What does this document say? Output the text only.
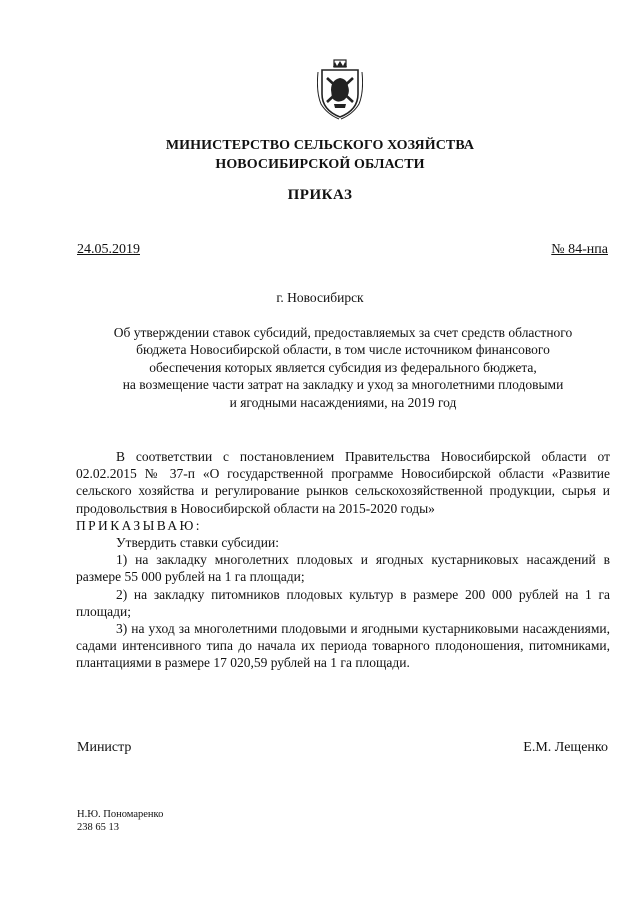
МИНИСТЕРСТВО СЕЛЬСКОГО ХОЗЯЙСТВА
НОВОСИБИРСКОЙ ОБЛАСТИ
ПРИКАЗ
24.05.2019	№ 84-нпа
г. Новосибирск
Об утверждении ставок субсидий, предоставляемых за счет средств областного
бюджета Новосибирской области, в том числе источником финансового
обеспечения которых является субсидия из федерального бюджета,
на возмещение части затрат на закладку и уход за многолетними плодовыми
и ягодными насаждениями, на 2019 год

В соответствии с постановлением Правительства Новосибирской области от 02.02.2015 № 37-п «О государственной программе Новосибирской области «Развитие сельского хозяйства и регулирование рынков сельскохозяйственной продукции, сырья и продовольствия в Новосибирской области на 2015-2020 годы»

ПРИКАЗЫВАЮ:

Утвердить ставки субсидии:

1) на закладку многолетних плодовых и ягодных кустарниковых насаждений в размере 55 000 рублей на 1 га площади;

2) на закладку питомников плодовых культур в размере 200 000 рублей на 1 га площади;

3) на уход за многолетними плодовыми и ягодными кустарниковыми насаждениями, садами интенсивного типа до начала их периода товарного плодоношения, питомниками, плантациями в размере 17 020,59 рублей на 1 га площади.

Министр	Е.М. Лещенко
Н.Ю. Пономаренко
238 65 13
